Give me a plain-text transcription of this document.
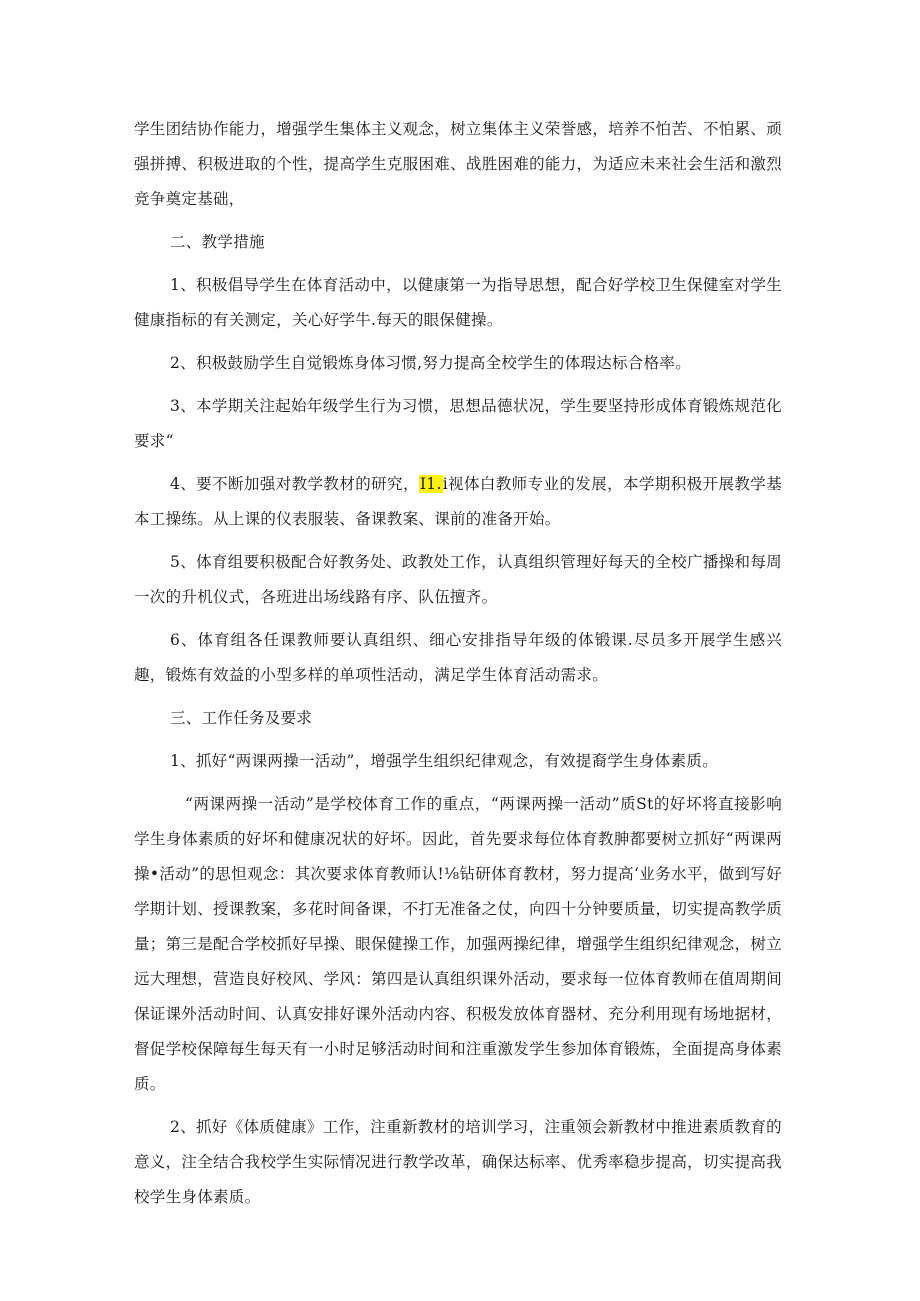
学生团结协作能力，增强学生集体主义观念，树立集体主义荣誉感，培养不怕苦、不怕累、顽强拼搏、积极进取的个性，提高学生克服困难、战胜困难的能力，为适应未来社会生活和激烈竞争奠定基础，

二、教学措施

1、积极倡导学生在体育活动中，以健康第一为指导思想，配合好学校卫生保健室对学生健康指标的有关测定，关心好学牛.每天的眼保健操。

2、积极鼓励学生自觉锻炼身体习惯,努力提高全校学生的体瑕达标合格率。

3、本学期关注起始年级学生行为习惯，思想品德状况，学生要坚持形成体育锻炼规范化要求“

4、要不断加强对教学教材的研究，I1.i视体白教师专业的发展，本学期积极开展教学基本工操练。从上课的仪表服装、备课教案、课前的准备开始。

5、体育组要积极配合好教务处、政教处工作，认真组织管理好每天的全校广播操和每周一次的升机仪式，各班进出场线路有序、队伍擅齐。

6、体育组各任课教师要认真组织、细心安排指导年级的体锻课.尽员多开展学生感兴趣，锻炼有效益的小型多样的单项性活动，满足学生体育活动需求。

三、工作任务及要求

1、抓好“两课两操一活动”，增强学生组织纪律观念，有效提裔学生身体素质。

“两课两操一活动”是学校体育工作的重点，“两课两操一活动”质St的好坏将直接影响学生身体素质的好坏和健康况状的好坏。因此，首先要求每位体育教胂都要树立抓好“两课两操•活动”的思怛观念：其次要求体育教师认!⅛钻研体育教材，努力提高‘业务水平，做到写好学期计划、授课教案，多花时间备课，不打无准备之仗，向四十分钟要质量，切实提高教学质量；第三是配合学校抓好早操、眼保健操工作，加强两操纪律，增强学生组织纪律观念，树立远大理想，营造良好校风、学风：第四是认真组织课外活动，要求每一位体育教师在值周期间保证课外活动时间、认真安排好课外活动内容、积极发放体育器材、充分利用现有场地据材，督促学校保障每生每天有一小时足够活动时间和注重激发学生参加体育锻炼，全面提高身体素质。

2、抓好《体质健康》工作，注重新教材的培训学习，注重领会新教材中推进素质教育的意义，注全结合我校学生实际情况进行教学改革，确保达标率、优秀率稳步提高，切实提高我校学生身体素质。
